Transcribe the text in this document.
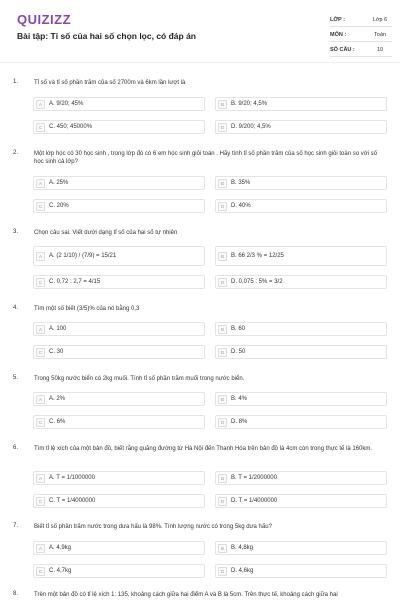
QUIZIZZ
Bài tập: Tỉ số của hai số chọn lọc, có đáp án
LỚP :	Lớp 6
MÔN :	Toán
SỐ CÂU :	10
1.	Tỉ số và tỉ số phần trăm của số 2700m và 6km lần lượt là
A	A. 9/20; 45%	B	B. 9/20; 4,5%
C	C. 450; 45000%	D	D. 9/200; 4,5%
2.	Một lớp học có 30 học sinh , trong lớp đó có 6 em học sinh giỏi toán . Hãy tính tỉ số phần trăm của số học sinh giỏi toán so với số học sinh cả lớp?
A	A. 25%	B	B. 35%
C	C. 20%	D	D. 40%
3.	Chọn câu sai. Viết dưới dạng tỉ số của hai số tự nhiên
A	A. (2 1/10) / (7/9) = 15/21	B	B. 66 2/3 % = 12/25
C	C. 0,72 : 2,7 = 4/15	D	D. 0,075 : 5% = 3/2
4.	Tìm một số biết (3/5)% của nó bằng 0,3
A	A. 100	B	B. 60
C	C. 30	D	D. 50
5.	Trong 50kg nước biển có 2kg muối. Tính tỉ số phần trăm muối trong nước biển.
A	A. 2%	B	B. 4%
C	C. 6%	D	D. 8%
6.	Tìm tỉ lệ xích của một bản đồ, biết rằng quãng đường từ Hà Nội đến Thanh Hóa trên bản đồ là 4cm còn trong thực tế là 160km.
A	A. T = 1/1000000	B	B. T = 1/2000000
C	C. T = 1/4000000	D	D. T = 1/4000000
7.	Biết tỉ số phần trăm nước trong dưa hấu là 98%. Tính lượng nước có trong 5kg dưa hấu?
A	A. 4,9kg	B	B. 4,8kg
C	C. 4,7kg	D	D. 4,6kg
8.	Trên một bản đồ có tỉ lệ xích 1: 135, khoảng cách giữa hai điểm A và B là 5cm. Trên thực tế, khoảng cách giữa hai
